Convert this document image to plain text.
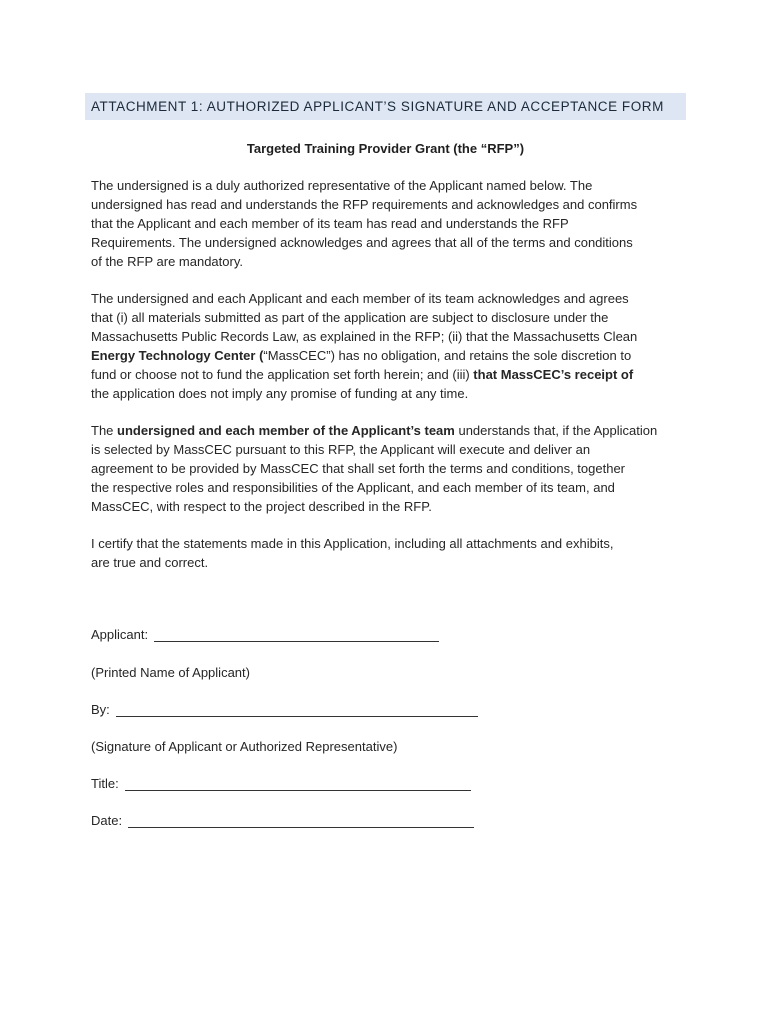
ATTACHMENT 1: AUTHORIZED APPLICANT’S SIGNATURE AND ACCEPTANCE FORM
Targeted Training Provider Grant (the “RFP”)

The undersigned is a duly authorized representative of the Applicant named below. The
undersigned has read and understands the RFP requirements and acknowledges and confirms
that the Applicant and each member of its team has read and understands the RFP
Requirements. The undersigned acknowledges and agrees that all of the terms and conditions
of the RFP are mandatory.

The undersigned and each Applicant and each member of its team acknowledges and agrees
that (i) all materials submitted as part of the application are subject to disclosure under the
Massachusetts Public Records Law, as explained in the RFP; (ii) that the Massachusetts Clean
Energy Technology Center (“MassCEC”) has no obligation, and retains the sole discretion to
fund or choose not to fund the application set forth herein; and (iii) that MassCEC’s receipt of
the application does not imply any promise of funding at any time.

The undersigned and each member of the Applicant’s team understands that, if the Application
is selected by MassCEC pursuant to this RFP, the Applicant will execute and deliver an
agreement to be provided by MassCEC that shall set forth the terms and conditions, together
the respective roles and responsibilities of the Applicant, and each member of its team, and
MassCEC, with respect to the project described in the RFP.

I certify that the statements made in this Application, including all attachments and exhibits,
are true and correct.

Applicant:
(Printed Name of Applicant)
By:
(Signature of Applicant or Authorized Representative)
Title:
Date:
